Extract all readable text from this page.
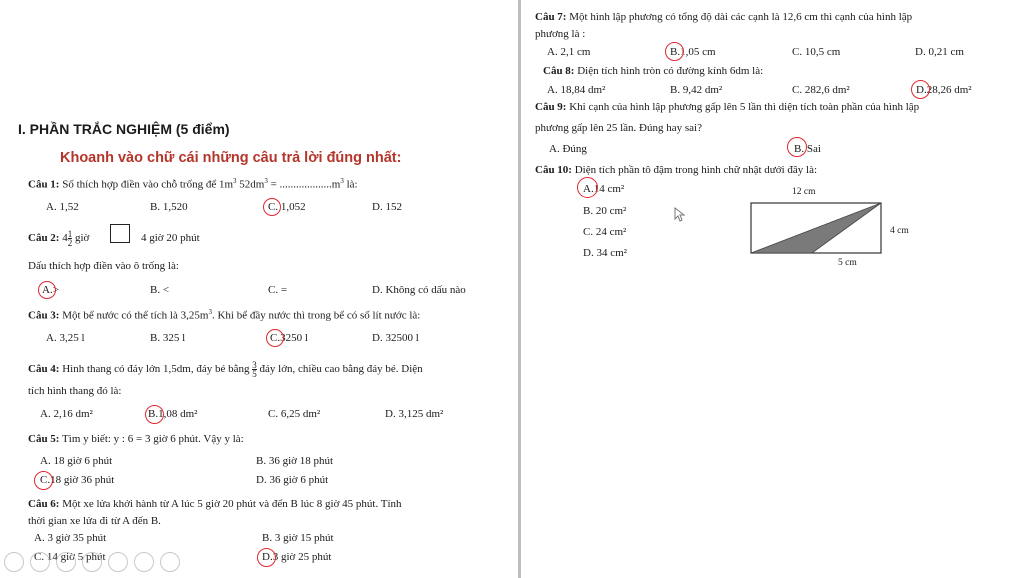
I. PHẦN TRẮC NGHIỆM (5 điểm)
Khoanh vào chữ cái những câu trả lời đúng nhất:
Câu 1: Số thích hợp điền vào chỗ trống để $1m^3$ $52dm^3 = ...................m^3$ là:
A. 1,52	B. 1,520	C. 1,052	D. 152
Câu 2: $4 \frac{1}{2}$ giờ	4 giờ 20 phút
Dấu thích hợp điền vào ô trống là:
A.>	B. <	C. =	D. Không có dấu nào
Câu 3: Một bể nước có thể tích là $3,25m^3$. Khi bể đầy nước thì trong bể có số lít nước là:
A. 3,25 l	B. 325 l	C.3250 l	D. 32500 l
Câu 4: Hình thang có đáy lớn 1,5dm, đáy bé bằng $\frac{3}{5}$ đáy lớn, chiều cao bằng đáy bé. Diện
tích hình thang đó là:
A. 2,16 dm²	B.1,08 dm²	C. 6,25 dm²	D. 3,125 dm²
Câu 5: Tìm y biết: y : 6 = 3 giờ 6 phút. Vậy y là:
A. 18 giờ 6 phút	B. 36 giờ 18 phút
C.18 giờ 36 phút	D. 36 giờ 6 phút
Câu 6: Một xe lửa khởi hành từ A lúc 5 giờ 20 phút và đến B lúc 8 giờ 45 phút. Tính
thời gian xe lửa đi từ A đến B.
A. 3 giờ 35 phút	B. 3 giờ 15 phút
C. 14 giờ 5 phút	D.3 giờ 25 phút
Câu 7: Một hình lập phương có tổng độ dài các cạnh là 12,6 cm thì cạnh của hình lập
phương là :
A. 2,1 cm	B.1,05 cm	C. 10,5 cm	D. 0,21 cm
Câu 8: Diện tích hình tròn có đường kính 6dm là:
A. 18,84 dm²	B. 9,42 dm²	C. 282,6 dm²	D.28,26 dm²
Câu 9: Khi cạnh của hình lập phương gấp lên 5 lần thì diện tích toàn phần của hình lập
phương gấp lên 25 lần. Đúng hay sai?
A. Đúng	B. Sai
Câu 10: Diện tích phần tô đậm trong hình chữ nhật dưới đây là:
A.14 cm²
B. 20 cm²
C. 24 cm²
D. 34 cm²
12 cm
4 cm
5 cm
